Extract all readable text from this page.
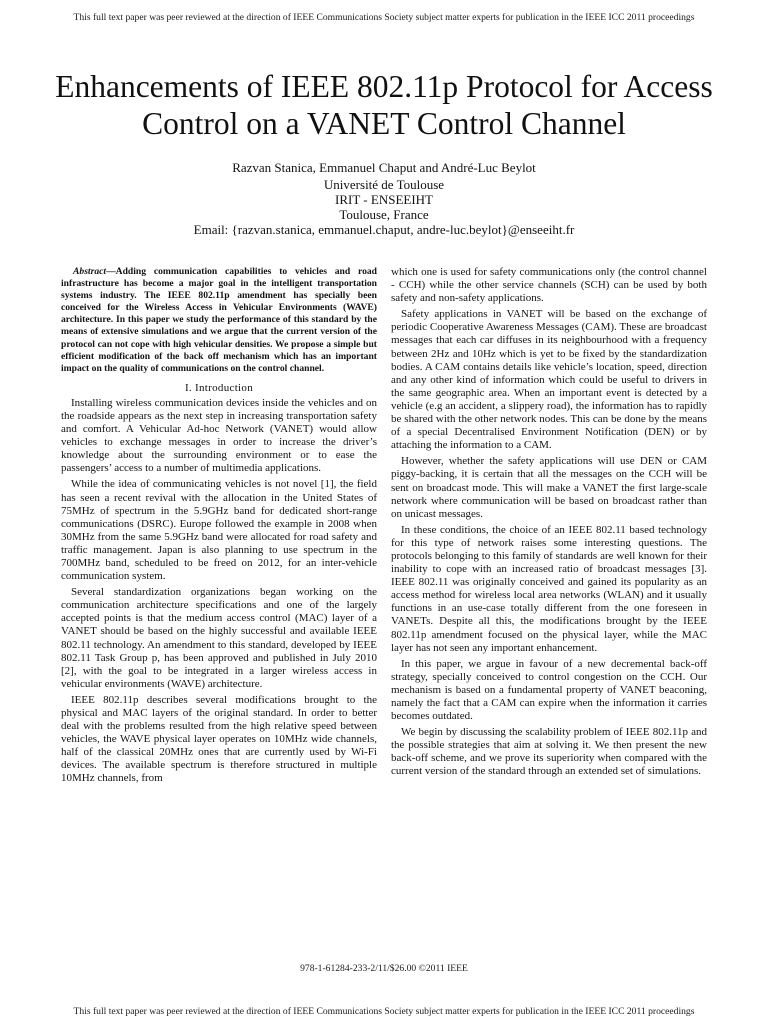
This full text paper was peer reviewed at the direction of IEEE Communications Society subject matter experts for publication in the IEEE ICC 2011 proceedings
Enhancements of IEEE 802.11p Protocol for Access
Control on a VANET Control Channel
Razvan Stanica, Emmanuel Chaput and André-Luc Beylot
Université de Toulouse
IRIT - ENSEEIHT
Toulouse, France
Email: {razvan.stanica, emmanuel.chaput, andre-luc.beylot}@enseeiht.fr

Abstract—Adding communication capabilities to vehicles and road infrastructure has become a major goal in the intelligent transportation systems industry. The IEEE 802.11p amendment has specially been conceived for the Wireless Access in Vehicular Environments (WAVE) architecture. In this paper we study the performance of this standard by the means of extensive simulations and we argue that the current version of the protocol can not cope with high vehicular densities. We propose a simple but efficient modification of the back off mechanism which has an important impact on the quality of communications on the control channel.

I. Introduction

Installing wireless communication devices inside the vehicles and on the roadside appears as the next step in increasing transportation safety and comfort. A Vehicular Ad-hoc Network (VANET) would allow vehicles to exchange messages in order to increase the driver’s knowledge about the surrounding environment or to ease the passengers’ access to a number of multimedia applications.

While the idea of communicating vehicles is not novel [1], the field has seen a recent revival with the allocation in the United States of 75MHz of spectrum in the 5.9GHz band for dedicated short-range communications (DSRC). Europe followed the example in 2008 when 30MHz from the same 5.9GHz band were allocated for road safety and traffic management. Japan is also planning to use spectrum in the 700MHz band, scheduled to be freed on 2012, for an inter-vehicle communication system.

Several standardization organizations began working on the communication architecture specifications and one of the largely accepted points is that the medium access control (MAC) layer of a VANET should be based on the highly successful and available IEEE 802.11 technology. An amendment to this standard, developed by IEEE 802.11 Task Group p, has been approved and published in July 2010 [2], with the goal to be integrated in a larger wireless access in vehicular environments (WAVE) architecture.

IEEE 802.11p describes several modifications brought to the physical and MAC layers of the original standard. In order to better deal with the problems resulted from the high relative speed between vehicles, the WAVE physical layer operates on 10MHz wide channels, half of the classical 20MHz ones that are currently used by Wi-Fi devices. The available spectrum is therefore structured in multiple 10MHz channels, from

which one is used for safety communications only (the control channel - CCH) while the other service channels (SCH) can be used by both safety and non-safety applications.

Safety applications in VANET will be based on the exchange of periodic Cooperative Awareness Messages (CAM). These are broadcast messages that each car diffuses in its neighbourhood with a frequency between 2Hz and 10Hz which is yet to be fixed by the standardization bodies. A CAM contains details like vehicle’s location, speed, direction and any other kind of information which could be useful to drivers in the same geographic area. When an important event is detected by a vehicle (e.g an accident, a slippery road), the information has to rapidly be shared with the other network nodes. This can be done by the means of a special Decentralised Environment Notification (DEN) or by attaching the information to a CAM.

However, whether the safety applications will use DEN or CAM piggy-backing, it is certain that all the messages on the CCH will be sent on broadcast mode. This will make a VANET the first large-scale network where communication will be based on broadcast rather than on unicast messages.

In these conditions, the choice of an IEEE 802.11 based technology for this type of network raises some interesting questions. The protocols belonging to this family of standards are well known for their inability to cope with an increased ratio of broadcast messages [3]. IEEE 802.11 was originally conceived and gained its popularity as an access method for wireless local area networks (WLAN) and it usually functions in an use-case totally different from the one foreseen in VANETs. Despite all this, the modifications brought by the IEEE 802.11p amendment focused on the physical layer, while the MAC layer has not seen any important enhancement.

In this paper, we argue in favour of a new decremental back-off strategy, specially conceived to control congestion on the CCH. Our mechanism is based on a fundamental property of VANET beaconing, namely the fact that a CAM can expire when the information it carries becomes outdated.

We begin by discussing the scalability problem of IEEE 802.11p and the possible strategies that aim at solving it. We then present the new back-off scheme, and we prove its superiority when compared with the current version of the standard through an extended set of simulations.

978-1-61284-233-2/11/$26.00 ©2011 IEEE
This full text paper was peer reviewed at the direction of IEEE Communications Society subject matter experts for publication in the IEEE ICC 2011 proceedings
